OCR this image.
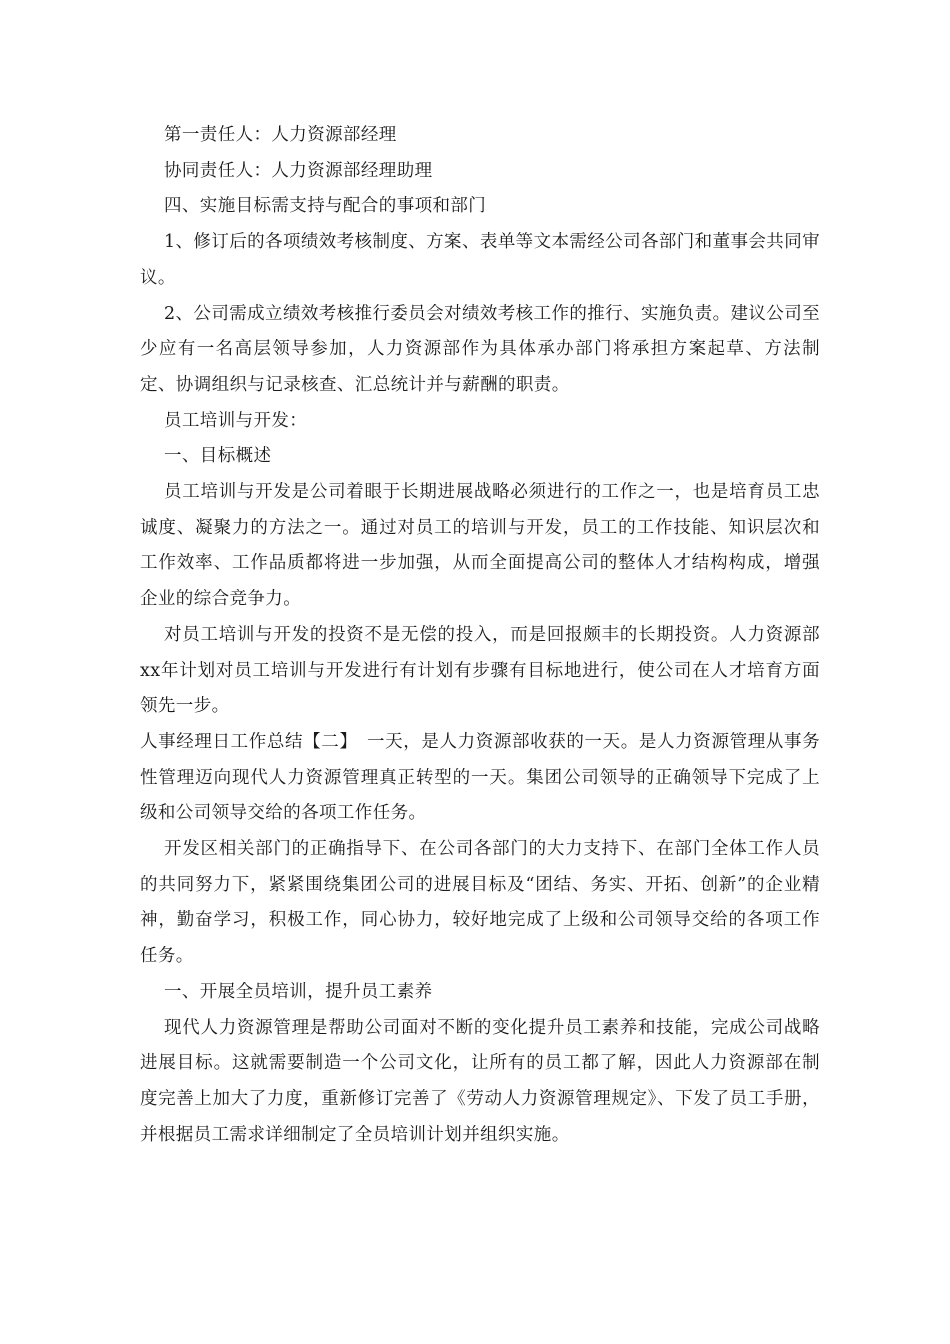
第一责任人：人力资源部经理

协同责任人：人力资源部经理助理

四、实施目标需支持与配合的事项和部门

1、修订后的各项绩效考核制度、方案、表单等文本需经公司各部门和董事会共同审议。

2、公司需成立绩效考核推行委员会对绩效考核工作的推行、实施负责。建议公司至少应有一名高层领导参加，人力资源部作为具体承办部门将承担方案起草、方法制定、协调组织与记录核查、汇总统计并与薪酬的职责。

员工培训与开发：

一、目标概述

员工培训与开发是公司着眼于长期进展战略必须进行的工作之一，也是培育员工忠诚度、凝聚力的方法之一。通过对员工的培训与开发，员工的工作技能、知识层次和工作效率、工作品质都将进一步加强，从而全面提高公司的整体人才结构构成，增强企业的综合竞争力。

对员工培训与开发的投资不是无偿的投入，而是回报颇丰的长期投资。人力资源部xx年计划对员工培训与开发进行有计划有步骤有目标地进行，使公司在人才培育方面领先一步。

人事经理日工作总结【二】　一天，是人力资源部收获的一天。是人力资源管理从事务性管理迈向现代人力资源管理真正转型的一天。集团公司领导的正确领导下完成了上级和公司领导交给的各项工作任务。

开发区相关部门的正确指导下、在公司各部门的大力支持下、在部门全体工作人员的共同努力下，紧紧围绕集团公司的进展目标及“团结、务实、开拓、创新”的企业精神，勤奋学习，积极工作，同心协力，较好地完成了上级和公司领导交给的各项工作任务。

一、开展全员培训，提升员工素养

现代人力资源管理是帮助公司面对不断的变化提升员工素养和技能，完成公司战略进展目标。这就需要制造一个公司文化，让所有的员工都了解，因此人力资源部在制度完善上加大了力度，重新修订完善了《劳动人力资源管理规定》、下发了员工手册，并根据员工需求详细制定了全员培训计划并组织实施。
